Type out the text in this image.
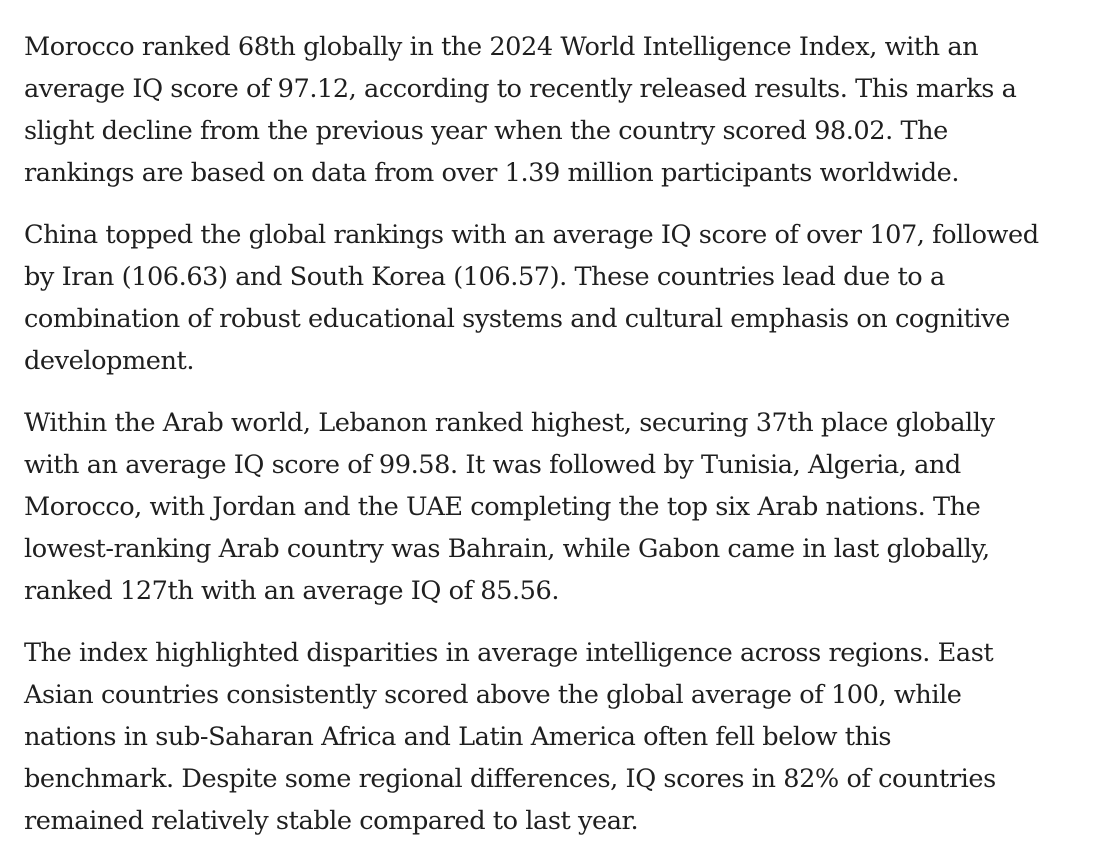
Morocco ranked 68th globally in the 2024 World Intelligence Index, with an
average IQ score of 97.12, according to recently released results. This marks a
slight decline from the previous year when the country scored 98.02. The
rankings are based on data from over 1.39 million participants worldwide.

China topped the global rankings with an average IQ score of over 107, followed
by Iran (106.63) and South Korea (106.57). These countries lead due to a
combination of robust educational systems and cultural emphasis on cognitive
development.

Within the Arab world, Lebanon ranked highest, securing 37th place globally
with an average IQ score of 99.58. It was followed by Tunisia, Algeria, and
Morocco, with Jordan and the UAE completing the top six Arab nations. The
lowest-ranking Arab country was Bahrain, while Gabon came in last globally,
ranked 127th with an average IQ of 85.56.

The index highlighted disparities in average intelligence across regions. East
Asian countries consistently scored above the global average of 100, while
nations in sub-Saharan Africa and Latin America often fell below this
benchmark. Despite some regional differences, IQ scores in 82% of countries
remained relatively stable compared to last year.
